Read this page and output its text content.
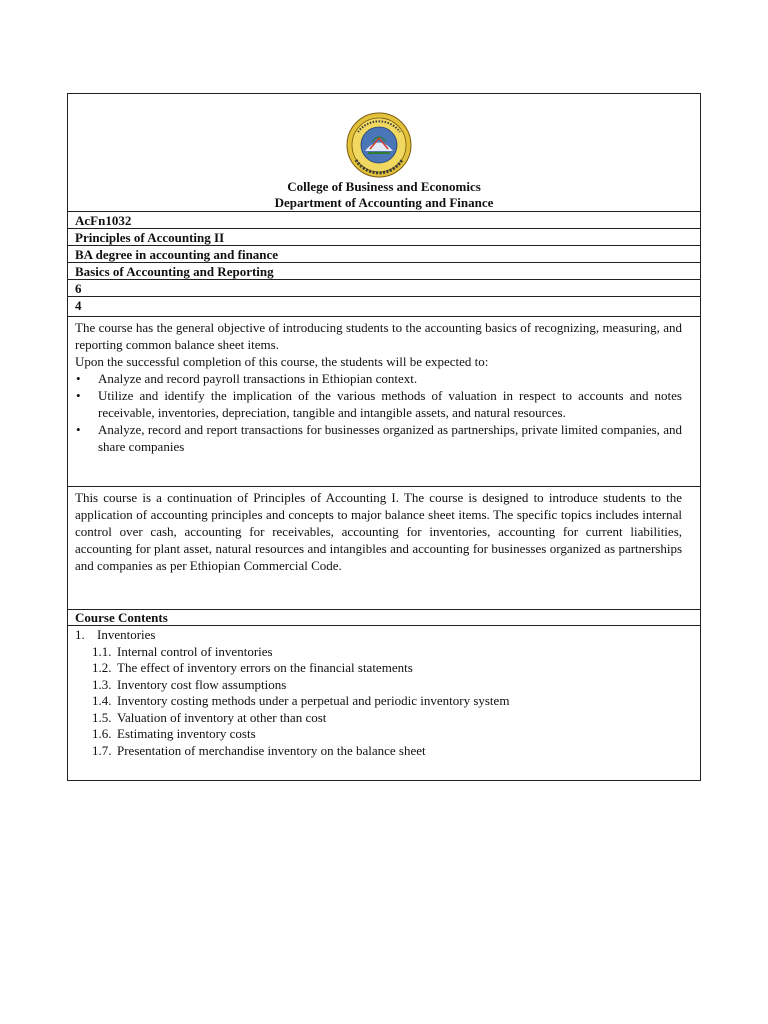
College of Business and Economics
Department of Accounting and Finance
AcFn1032
Principles of Accounting II
BA degree in accounting and finance
Basics of Accounting and Reporting
6
4
The course has the general objective of introducing students to the accounting basics of recognizing, measuring, and reporting common balance sheet items.
Upon the successful completion of this course, the students will be expected to:
• Analyze and record payroll transactions in Ethiopian context.
• Utilize and identify the implication of the various methods of valuation in respect to accounts and notes receivable, inventories, depreciation, tangible and intangible assets, and natural resources.
• Analyze, record and report transactions for businesses organized as partnerships, private limited companies, and share companies
This course is a continuation of Principles of Accounting I. The course is designed to introduce students to the application of accounting principles and concepts to major balance sheet items. The specific topics includes internal control over cash, accounting for receivables, accounting for inventories, accounting for current liabilities, accounting for plant asset, natural resources and intangibles and accounting for businesses organized as partnerships and companies as per Ethiopian Commercial Code.
Course Contents
1. Inventories
1.1. Internal control of inventories
1.2. The effect of inventory errors on the financial statements
1.3. Inventory cost flow assumptions
1.4. Inventory costing methods under a perpetual and periodic inventory system
1.5. Valuation of inventory at other than cost
1.6. Estimating inventory costs
1.7. Presentation of merchandise inventory on the balance sheet
